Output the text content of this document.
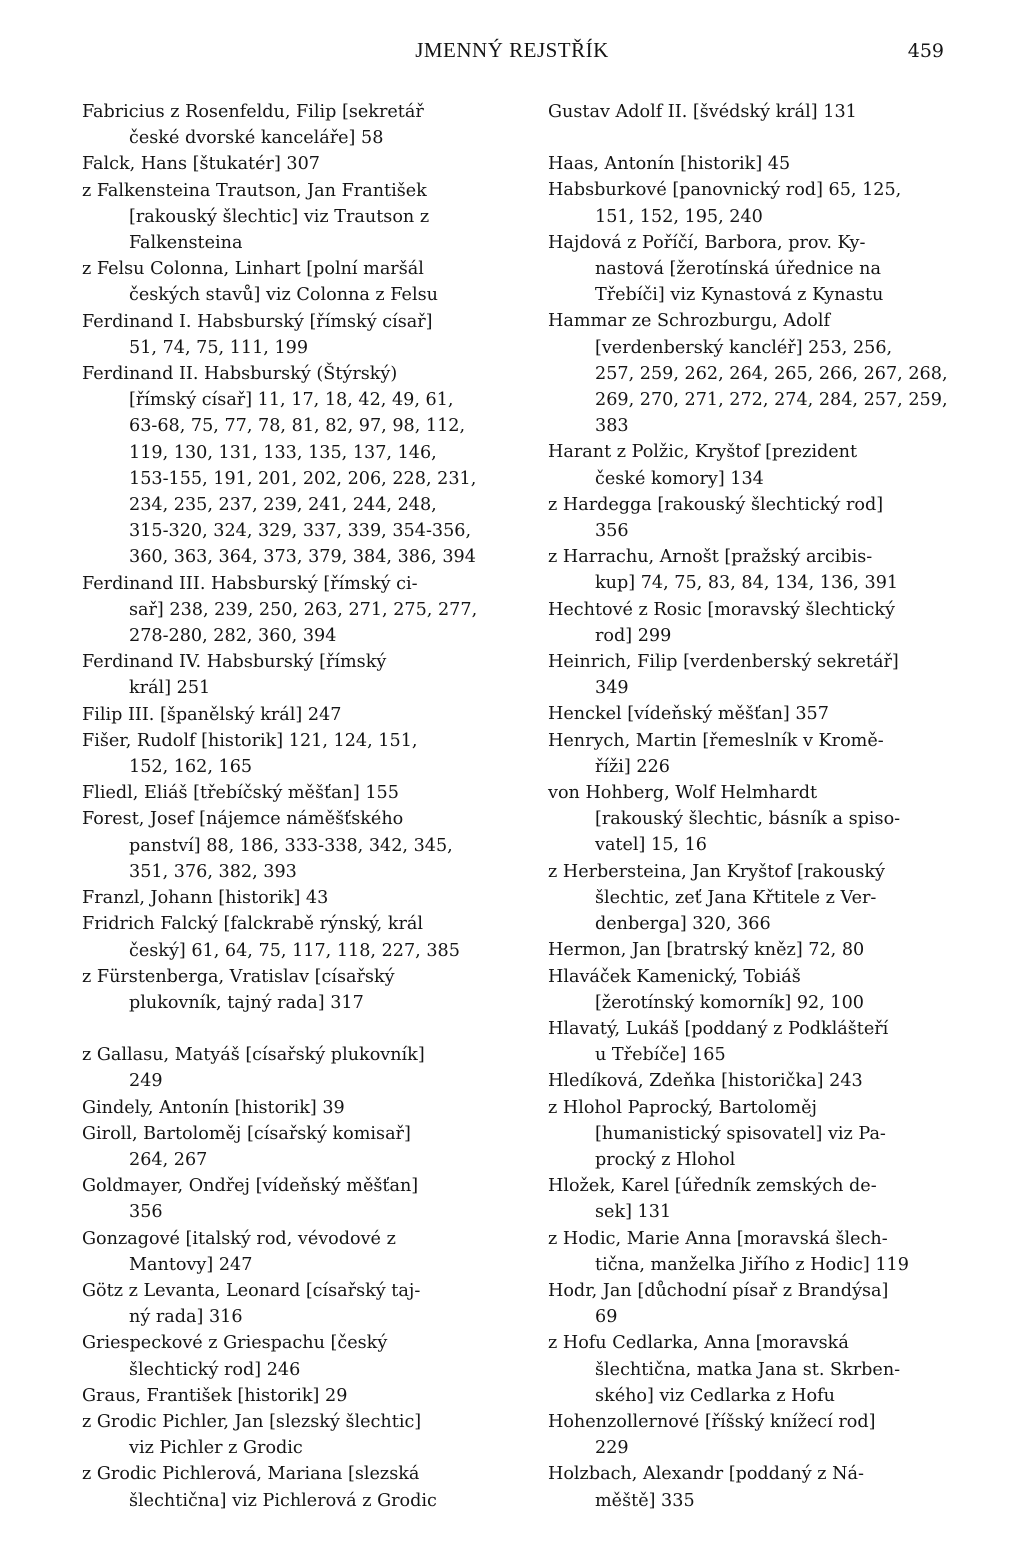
JMENNÝ REJSTŘÍK	459
Fabricius z Rosenfeldu, Filip [sekretář
české dvorské kanceláře] 58
Falck, Hans [štukatér] 307
z Falkensteina Trautson, Jan František
[rakouský šlechtic] viz Trautson z
Falkensteina
z Felsu Colonna, Linhart [polní maršál
českých stavů] viz Colonna z Felsu
Ferdinand I. Habsburský [římský císař]
51, 74, 75, 111, 199
Ferdinand II. Habsburský (Štýrský)
[římský císař] 11, 17, 18, 42, 49, 61,
63-68, 75, 77, 78, 81, 82, 97, 98, 112,
119, 130, 131, 133, 135, 137, 146,
153-155, 191, 201, 202, 206, 228, 231,
234, 235, 237, 239, 241, 244, 248,
315-320, 324, 329, 337, 339, 354-356,
360, 363, 364, 373, 379, 384, 386, 394
Ferdinand III. Habsburský [římský ci-
sař] 238, 239, 250, 263, 271, 275, 277,
278-280, 282, 360, 394
Ferdinand IV. Habsburský [římský
král] 251
Filip III. [španělský král] 247
Fišer, Rudolf [historik] 121, 124, 151,
152, 162, 165
Fliedl, Eliáš [třebíčský měšťan] 155
Forest, Josef [nájemce náměšťského
panství] 88, 186, 333-338, 342, 345,
351, 376, 382, 393
Franzl, Johann [historik] 43
Fridrich Falcký [falckrabě rýnský, král
český] 61, 64, 75, 117, 118, 227, 385
z Fürstenberga, Vratislav [císařský
plukovník, tajný rada] 317
z Gallasu, Matyáš [císařský plukovník]
249
Gindely, Antonín [historik] 39
Giroll, Bartoloměj [císařský komisař]
264, 267
Goldmayer, Ondřej [vídeňský měšťan]
356
Gonzagové [italský rod, vévodové z
Mantovy] 247
Götz z Levanta, Leonard [císařský taj-
ný rada] 316
Griespeckové z Griespachu [český
šlechtický rod] 246
Graus, František [historik] 29
z Grodic Pichler, Jan [slezský šlechtic]
viz Pichler z Grodic
z Grodic Pichlerová, Mariana [slezská
šlechtična] viz Pichlerová z Grodic
Gustav Adolf II. [švédský král] 131
Haas, Antonín [historik] 45
Habsburkové [panovnický rod] 65, 125,
151, 152, 195, 240
Hajdová z Poříčí, Barbora, prov. Ky-
nastová [žerotínská úřednice na
Třebíči] viz Kynastová z Kynastu
Hammar ze Schrozburgu, Adolf
[verdenberský kancléř] 253, 256,
257, 259, 262, 264, 265, 266, 267, 268,
269, 270, 271, 272, 274, 284, 257, 259,
383
Harant z Polžic, Kryštof [prezident
české komory] 134
z Hardegga [rakouský šlechtický rod]
356
z Harrachu, Arnošt [pražský arcibis-
kup] 74, 75, 83, 84, 134, 136, 391
Hechtové z Rosic [moravský šlechtický
rod] 299
Heinrich, Filip [verdenberský sekretář]
349
Henckel [vídeňský měšťan] 357
Henrych, Martin [řemeslník v Kromě-
říži] 226
von Hohberg, Wolf Helmhardt
[rakouský šlechtic, básník a spiso-
vatel] 15, 16
z Herbersteina, Jan Kryštof [rakouský
šlechtic, zeť Jana Křtitele z Ver-
denberga] 320, 366
Hermon, Jan [bratrský kněz] 72, 80
Hlaváček Kamenický, Tobiáš
[žerotínský komorník] 92, 100
Hlavatý, Lukáš [poddaný z Podklášteří
u Třebíče] 165
Hledíková, Zdeňka [historička] 243
z Hlohol Paprocký, Bartoloměj
[humanistický spisovatel] viz Pa-
procký z Hlohol
Hložek, Karel [úředník zemských de-
sek] 131
z Hodic, Marie Anna [moravská šlech-
tična, manželka Jiřího z Hodic] 119
Hodr, Jan [důchodní písař z Brandýsa]
69
z Hofu Cedlarka, Anna [moravská
šlechtična, matka Jana st. Skrben-
ského] viz Cedlarka z Hofu
Hohenzollernové [říšský knížecí rod]
229
Holzbach, Alexandr [poddaný z Ná-
měště] 335
